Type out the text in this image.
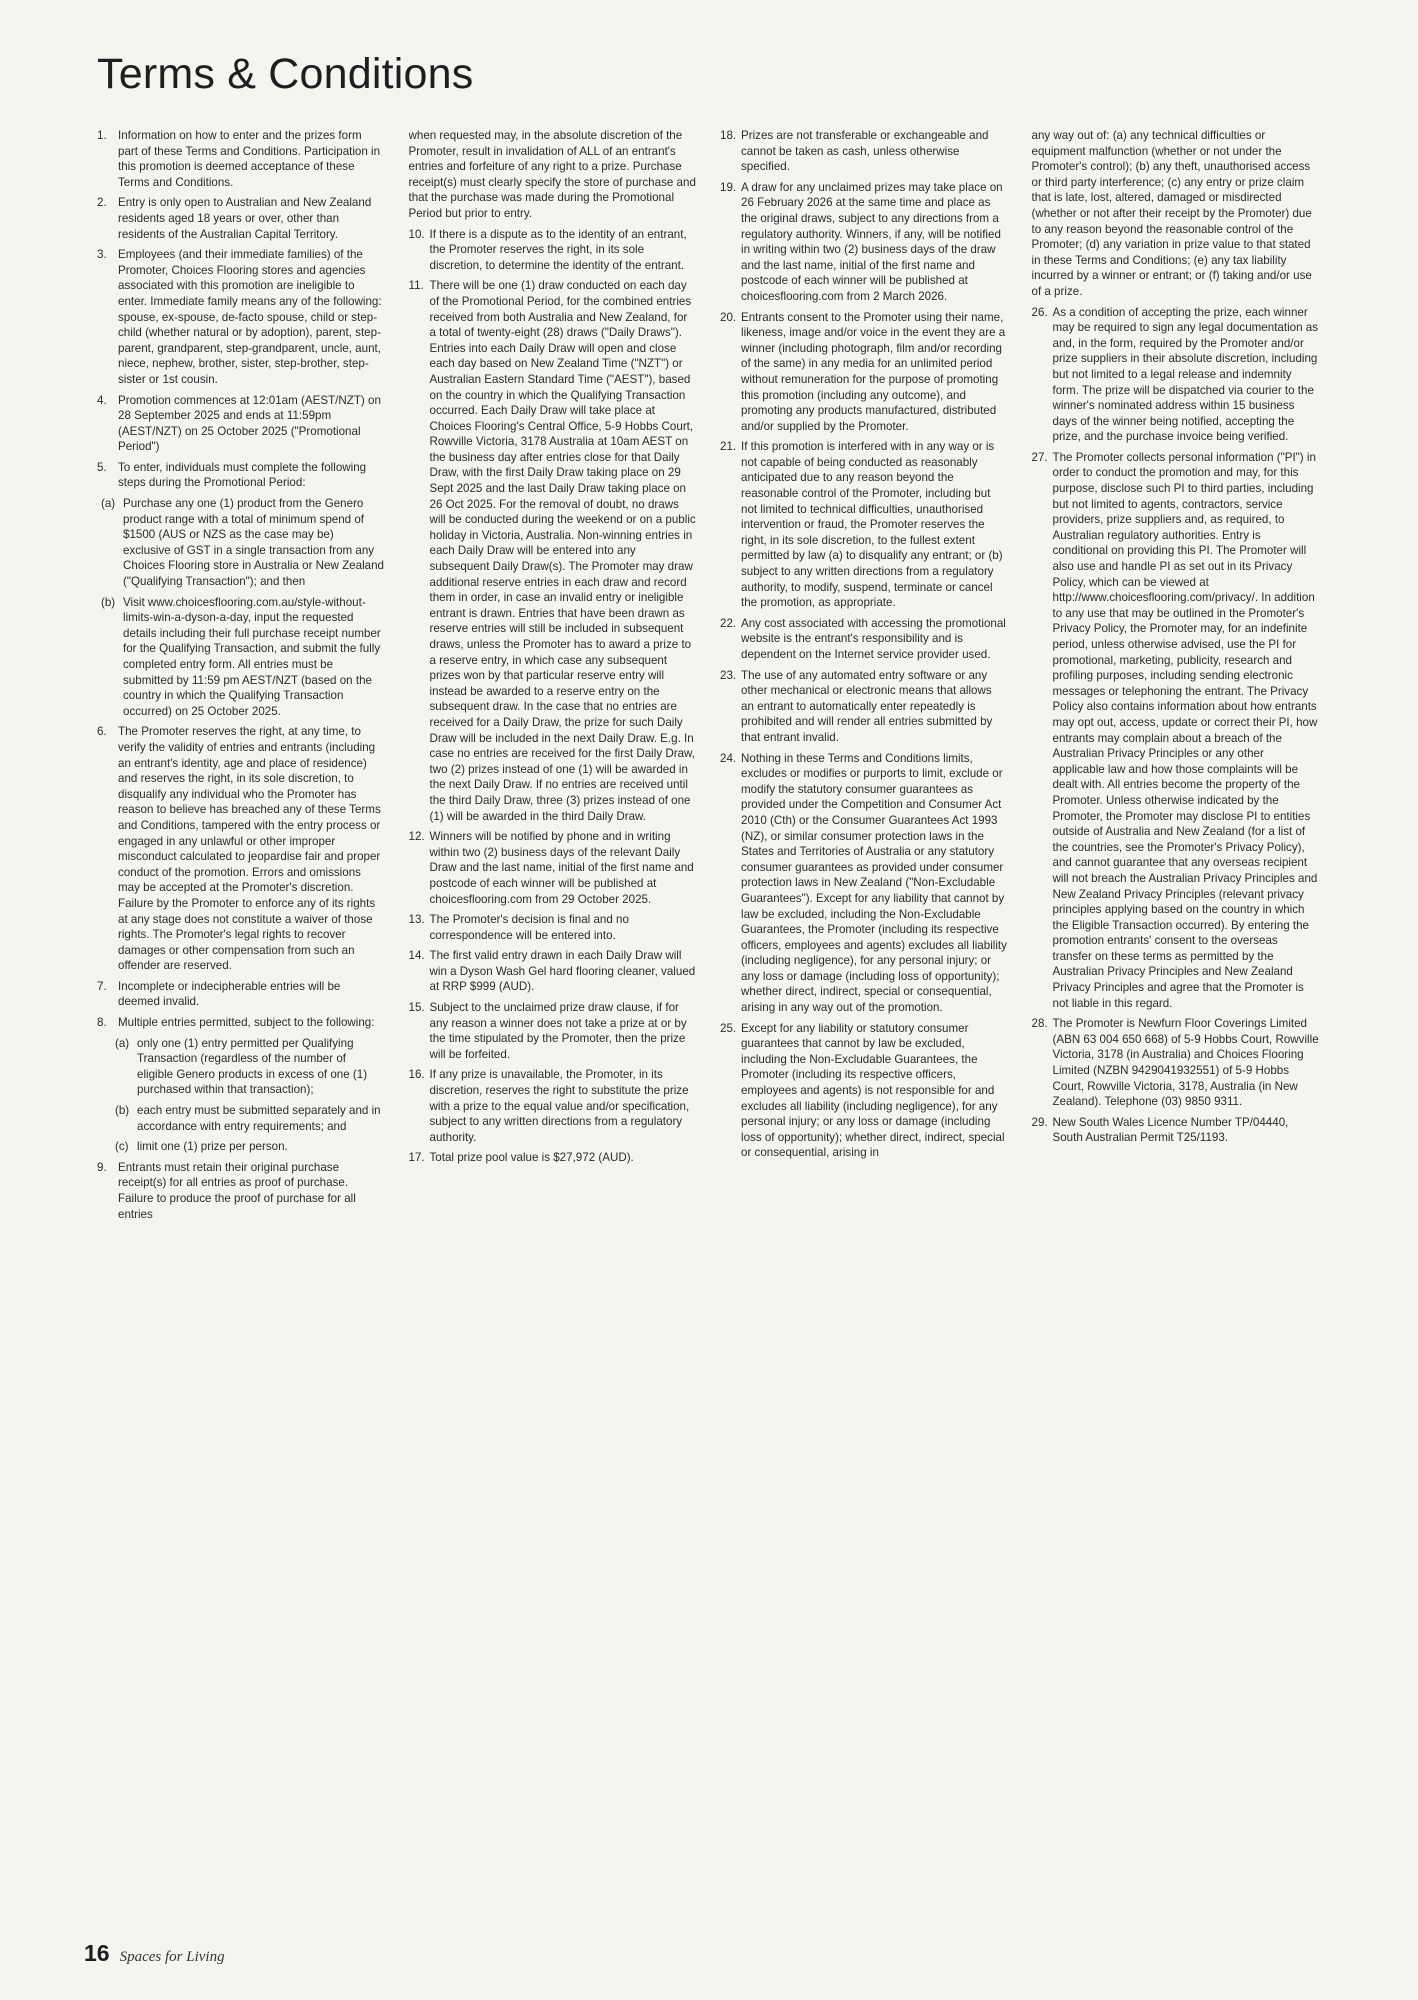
Terms & Conditions
1. Information on how to enter and the prizes form part of these Terms and Conditions. Participation in this promotion is deemed acceptance of these Terms and Conditions.
2. Entry is only open to Australian and New Zealand residents aged 18 years or over, other than residents of the Australian Capital Territory.
3. Employees (and their immediate families) of the Promoter, Choices Flooring stores and agencies associated with this promotion are ineligible to enter. Immediate family means any of the following: spouse, ex-spouse, de-facto spouse, child or step-child (whether natural or by adoption), parent, step-parent, grandparent, step-grandparent, uncle, aunt, niece, nephew, brother, sister, step-brother, step-sister or 1st cousin.
4. Promotion commences at 12:01am (AEST/NZT) on 28 September 2025 and ends at 11:59pm (AEST/NZT) on 25 October 2025 ("Promotional Period")
5. To enter, individuals must complete the following steps during the Promotional Period:
(a) Purchase any one (1) product from the Genero product range with a total of minimum spend of $1500 (AUS or NZS as the case may be) exclusive of GST in a single transaction from any Choices Flooring store in Australia or New Zealand ("Qualifying Transaction"); and then
(b) Visit www.choicesflooring.com.au/style-without-limits-win-a-dyson-a-day, input the requested details including their full purchase receipt number for the Qualifying Transaction, and submit the fully completed entry form. All entries must be submitted by 11:59 pm AEST/NZT (based on the country in which the Qualifying Transaction occurred) on 25 October 2025.
6. The Promoter reserves the right, at any time, to verify the validity of entries and entrants (including an entrant's identity, age and place of residence) and reserves the right, in its sole discretion, to disqualify any individual who the Promoter has reason to believe has breached any of these Terms and Conditions, tampered with the entry process or engaged in any unlawful or other improper misconduct calculated to jeopardise fair and proper conduct of the promotion. Errors and omissions may be accepted at the Promoter's discretion. Failure by the Promoter to enforce any of its rights at any stage does not constitute a waiver of those rights. The Promoter's legal rights to recover damages or other compensation from such an offender are reserved.
7. Incomplete or indecipherable entries will be deemed invalid.
8. Multiple entries permitted, subject to the following:
(a) only one (1) entry permitted per Qualifying Transaction (regardless of the number of eligible Genero products in excess of one (1) purchased within that transaction);
(b) each entry must be submitted separately and in accordance with entry requirements; and
(c) limit one (1) prize per person.
9. Entrants must retain their original purchase receipt(s) for all entries as proof of purchase. Failure to produce the proof of purchase for all entries
when requested may, in the absolute discretion of the Promoter, result in invalidation of ALL of an entrant's entries and forfeiture of any right to a prize. Purchase receipt(s) must clearly specify the store of purchase and that the purchase was made during the Promotional Period but prior to entry.
10. If there is a dispute as to the identity of an entrant, the Promoter reserves the right, in its sole discretion, to determine the identity of the entrant.
11. There will be one (1) draw conducted on each day of the Promotional Period, for the combined entries received from both Australia and New Zealand, for a total of twenty-eight (28) draws ("Daily Draws"). Entries into each Daily Draw will open and close each day based on New Zealand Time ("NZT") or Australian Eastern Standard Time ("AEST"), based on the country in which the Qualifying Transaction occurred. Each Daily Draw will take place at Choices Flooring's Central Office, 5-9 Hobbs Court, Rowville Victoria, 3178 Australia at 10am AEST on the business day after entries close for that Daily Draw, with the first Daily Draw taking place on 29 Sept 2025 and the last Daily Draw taking place on 26 Oct 2025. For the removal of doubt, no draws will be conducted during the weekend or on a public holiday in Victoria, Australia. Non-winning entries in each Daily Draw will be entered into any subsequent Daily Draw(s). The Promoter may draw additional reserve entries in each draw and record them in order, in case an invalid entry or ineligible entrant is drawn. Entries that have been drawn as reserve entries will still be included in subsequent draws, unless the Promoter has to award a prize to a reserve entry, in which case any subsequent prizes won by that particular reserve entry will instead be awarded to a reserve entry on the subsequent draw. In the case that no entries are received for a Daily Draw, the prize for such Daily Draw will be included in the next Daily Draw. E.g. In case no entries are received for the first Daily Draw, two (2) prizes instead of one (1) will be awarded in the next Daily Draw. If no entries are received until the third Daily Draw, three (3) prizes instead of one (1) will be awarded in the third Daily Draw.
12. Winners will be notified by phone and in writing within two (2) business days of the relevant Daily Draw and the last name, initial of the first name and postcode of each winner will be published at choicesflooring.com from 29 October 2025.
13. The Promoter's decision is final and no correspondence will be entered into.
14. The first valid entry drawn in each Daily Draw will win a Dyson Wash Gel hard flooring cleaner, valued at RRP $999 (AUD).
15. Subject to the unclaimed prize draw clause, if for any reason a winner does not take a prize at or by the time stipulated by the Promoter, then the prize will be forfeited.
16. If any prize is unavailable, the Promoter, in its discretion, reserves the right to substitute the prize with a prize to the equal value and/or specification, subject to any written directions from a regulatory authority.
17. Total prize pool value is $27,972 (AUD).
18. Prizes are not transferable or exchangeable and cannot be taken as cash, unless otherwise specified.
19. A draw for any unclaimed prizes may take place on 26 February 2026 at the same time and place as the original draws, subject to any directions from a regulatory authority. Winners, if any, will be notified in writing within two (2) business days of the draw and the last name, initial of the first name and postcode of each winner will be published at choicesflooring.com from 2 March 2026.
20. Entrants consent to the Promoter using their name, likeness, image and/or voice in the event they are a winner (including photograph, film and/or recording of the same) in any media for an unlimited period without remuneration for the purpose of promoting this promotion (including any outcome), and promoting any products manufactured, distributed and/or supplied by the Promoter.
21. If this promotion is interfered with in any way or is not capable of being conducted as reasonably anticipated due to any reason beyond the reasonable control of the Promoter, including but not limited to technical difficulties, unauthorised intervention or fraud, the Promoter reserves the right, in its sole discretion, to the fullest extent permitted by law (a) to disqualify any entrant; or (b) subject to any written directions from a regulatory authority, to modify, suspend, terminate or cancel the promotion, as appropriate.
22. Any cost associated with accessing the promotional website is the entrant's responsibility and is dependent on the Internet service provider used.
23. The use of any automated entry software or any other mechanical or electronic means that allows an entrant to automatically enter repeatedly is prohibited and will render all entries submitted by that entrant invalid.
24. Nothing in these Terms and Conditions limits, excludes or modifies or purports to limit, exclude or modify the statutory consumer guarantees as provided under the Competition and Consumer Act 2010 (Cth) or the Consumer Guarantees Act 1993 (NZ), or similar consumer protection laws in the States and Territories of Australia or any statutory consumer guarantees as provided under consumer protection laws in New Zealand ("Non-Excludable Guarantees"). Except for any liability that cannot by law be excluded, including the Non-Excludable Guarantees, the Promoter (including its respective officers, employees and agents) excludes all liability (including negligence), for any personal injury; or any loss or damage (including loss of opportunity); whether direct, indirect, special or consequential, arising in any way out of the promotion.
25. Except for any liability or statutory consumer guarantees that cannot by law be excluded, including the Non-Excludable Guarantees, the Promoter (including its respective officers, employees and agents) is not responsible for and excludes all liability (including negligence), for any personal injury; or any loss or damage (including loss of opportunity); whether direct, indirect, special or consequential, arising in
any way out of: (a) any technical difficulties or equipment malfunction (whether or not under the Promoter's control); (b) any theft, unauthorised access or third party interference; (c) any entry or prize claim that is late, lost, altered, damaged or misdirected (whether or not after their receipt by the Promoter) due to any reason beyond the reasonable control of the Promoter; (d) any variation in prize value to that stated in these Terms and Conditions; (e) any tax liability incurred by a winner or entrant; or (f) taking and/or use of a prize.
26. As a condition of accepting the prize, each winner may be required to sign any legal documentation as and, in the form, required by the Promoter and/or prize suppliers in their absolute discretion, including but not limited to a legal release and indemnity form. The prize will be dispatched via courier to the winner's nominated address within 15 business days of the winner being notified, accepting the prize, and the purchase invoice being verified.
27. The Promoter collects personal information ("PI") in order to conduct the promotion and may, for this purpose, disclose such PI to third parties, including but not limited to agents, contractors, service providers, prize suppliers and, as required, to Australian regulatory authorities. Entry is conditional on providing this PI. The Promoter will also use and handle PI as set out in its Privacy Policy, which can be viewed at http://www.choicesflooring.com/privacy/. In addition to any use that may be outlined in the Promoter's Privacy Policy, the Promoter may, for an indefinite period, unless otherwise advised, use the PI for promotional, marketing, publicity, research and profiling purposes, including sending electronic messages or telephoning the entrant. The Privacy Policy also contains information about how entrants may opt out, access, update or correct their PI, how entrants may complain about a breach of the Australian Privacy Principles or any other applicable law and how those complaints will be dealt with. All entries become the property of the Promoter. Unless otherwise indicated by the Promoter, the Promoter may disclose PI to entities outside of Australia and New Zealand (for a list of the countries, see the Promoter's Privacy Policy), and cannot guarantee that any overseas recipient will not breach the Australian Privacy Principles and New Zealand Privacy Principles (relevant privacy principles applying based on the country in which the Eligible Transaction occurred). By entering the promotion entrants' consent to the overseas transfer on these terms as permitted by the Australian Privacy Principles and New Zealand Privacy Principles and agree that the Promoter is not liable in this regard.
28. The Promoter is Newfurn Floor Coverings Limited (ABN 63 004 650 668) of 5-9 Hobbs Court, Rowville Victoria, 3178 (in Australia) and Choices Flooring Limited (NZBN 9429041932551) of 5-9 Hobbs Court, Rowville Victoria, 3178, Australia (in New Zealand). Telephone (03) 9850 9311.
29. New South Wales Licence Number TP/04440, South Australian Permit T25/1193.
16 Spaces for Living
